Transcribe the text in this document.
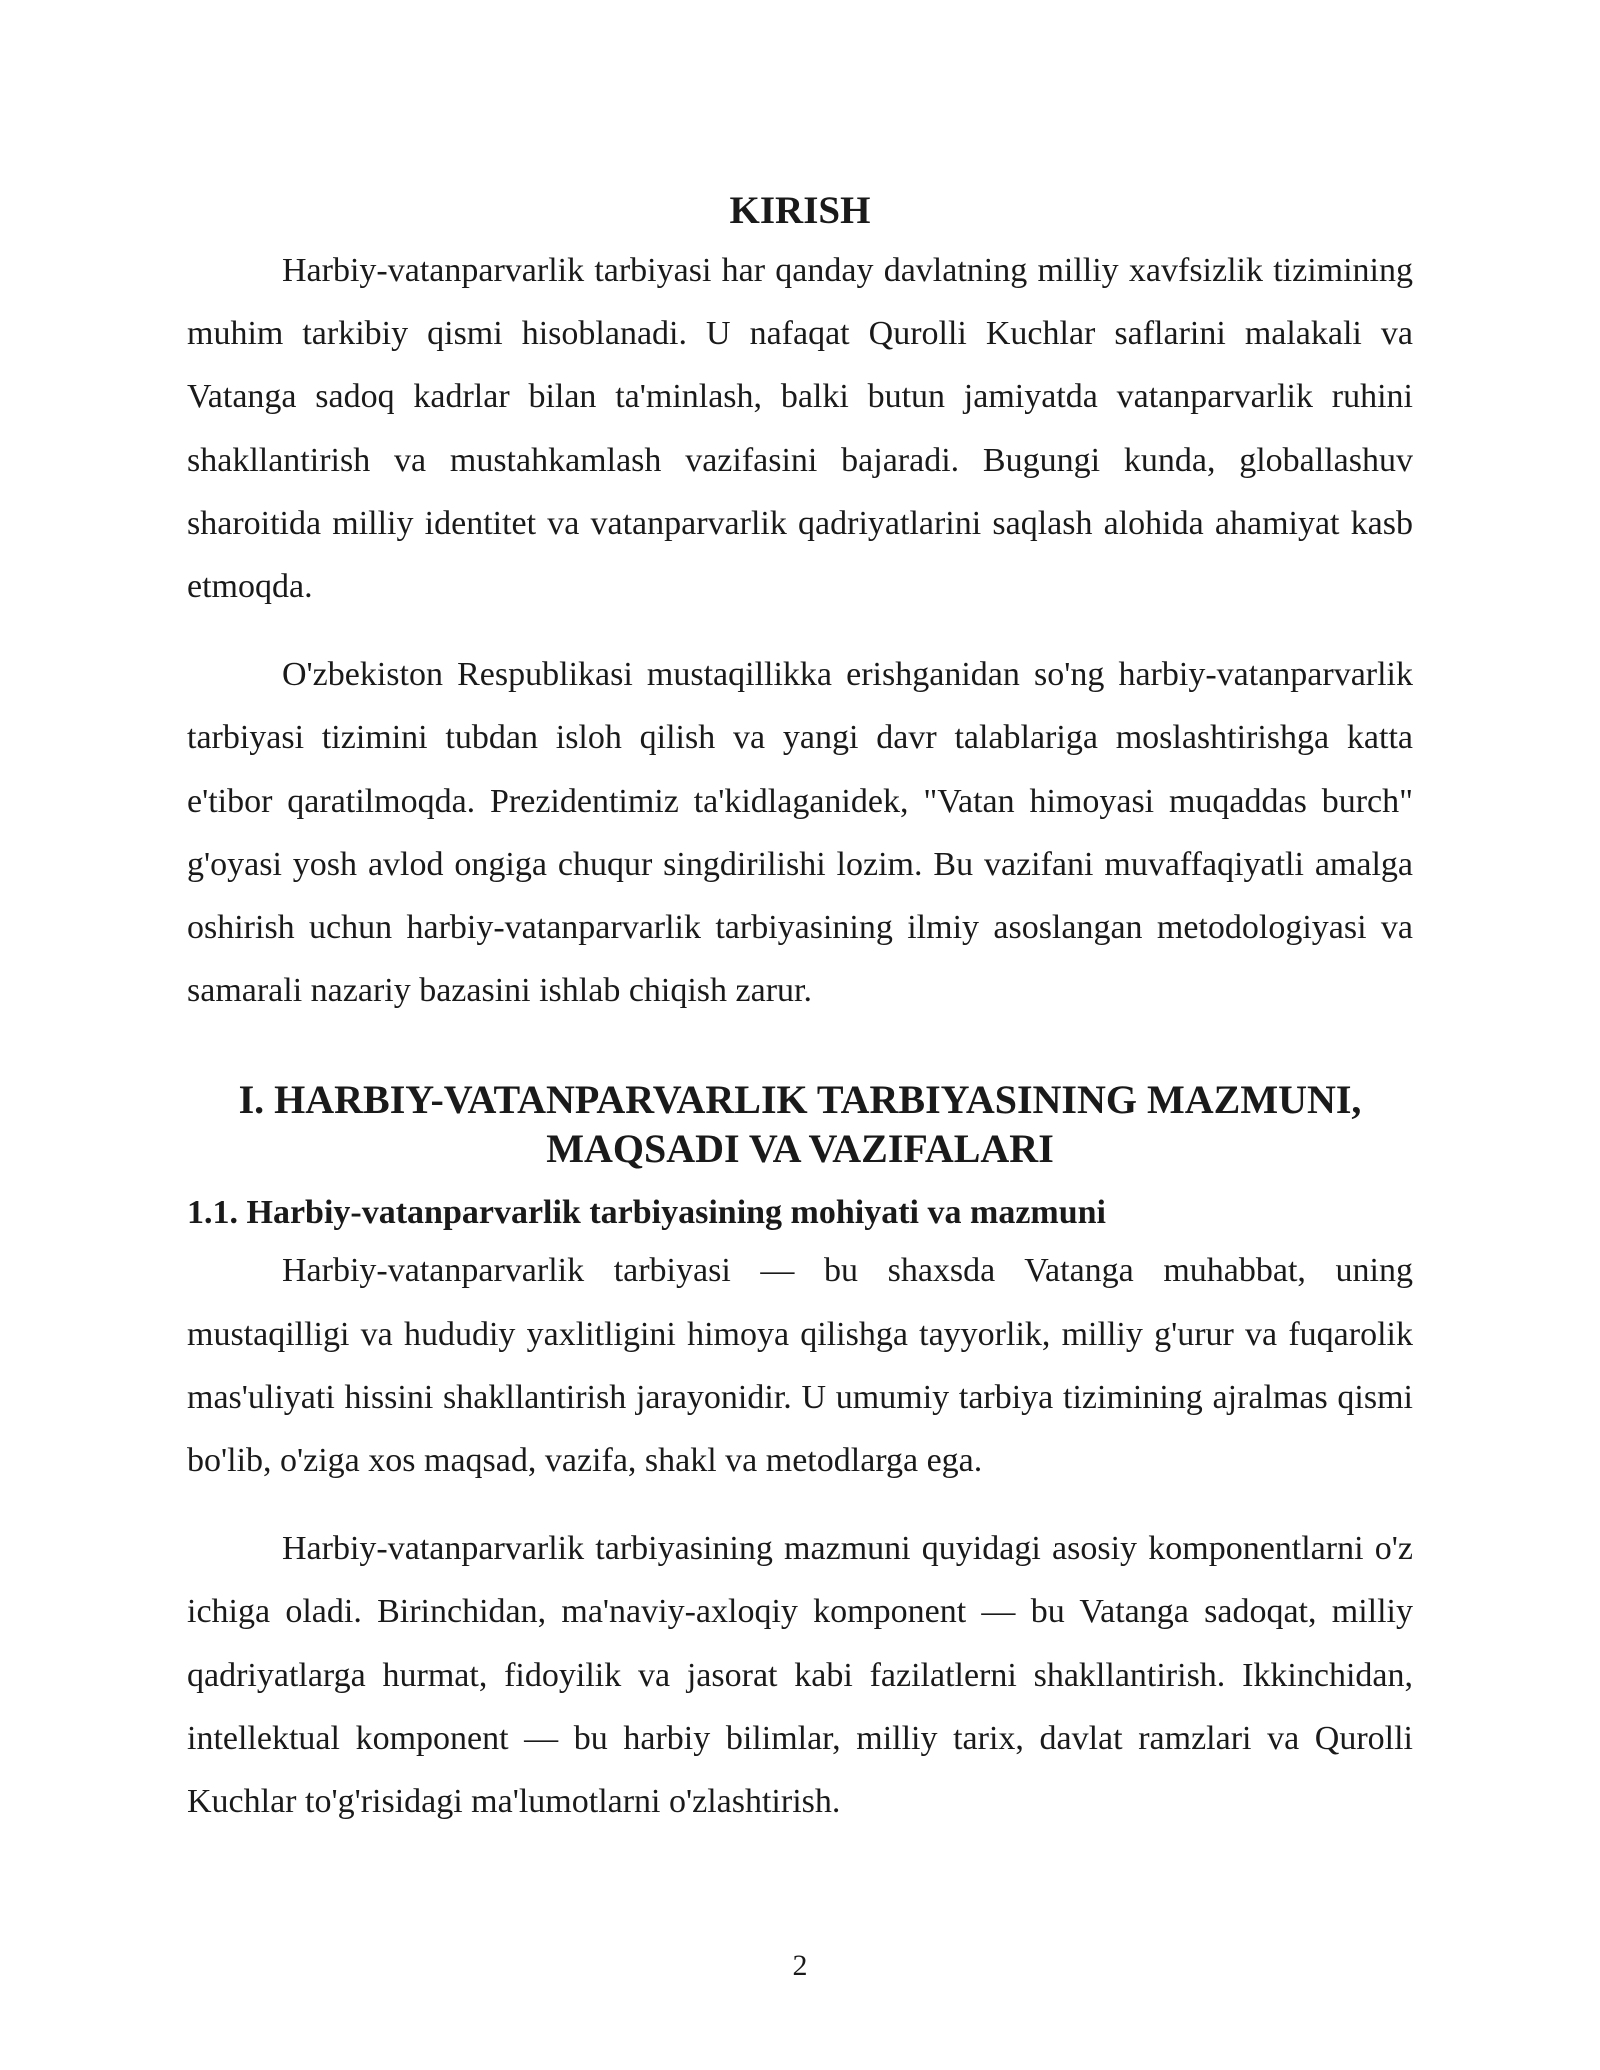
KIRISH

Harbiy-vatanparvarlik tarbiyasi har qanday davlatning milliy xavfsizlik tizimining muhim tarkibiy qismi hisoblanadi. U nafaqat Qurolli Kuchlar saflarini malakali va Vatanga sadoq kadrlar bilan ta'minlash, balki butun jamiyatda vatanparvarlik ruhini shakllantirish va mustahkamlash vazifasini bajaradi. Bugungi kunda, globallashuv sharoitida milliy identitet va vatanparvarlik qadriyatlarini saqlash alohida ahamiyat kasb etmoqda.

O'zbekiston Respublikasi mustaqillikka erishganidan so'ng harbiy-vatanparvarlik tarbiyasi tizimini tubdan isloh qilish va yangi davr talablariga moslashtirishga katta e'tibor qaratilmoqda. Prezidentimiz ta'kidlaganidek, "Vatan himoyasi muqaddas burch" g'oyasi yosh avlod ongiga chuqur singdirilishi lozim. Bu vazifani muvaffaqiyatli amalga oshirish uchun harbiy-vatanparvarlik tarbiyasining ilmiy asoslangan metodologiyasi va samarali nazariy bazasini ishlab chiqish zarur.

I. HARBIY-VATANPARVARLIK TARBIYASINING MAZMUNI,
MAQSADI VA VAZIFALARI
1.1. Harbiy-vatanparvarlik tarbiyasining mohiyati va mazmuni

Harbiy-vatanparvarlik tarbiyasi — bu shaxsda Vatanga muhabbat, uning mustaqilligi va hududiy yaxlitligini himoya qilishga tayyorlik, milliy g'urur va fuqarolik mas'uliyati hissini shakllantirish jarayonidir. U umumiy tarbiya tizimining ajralmas qismi bo'lib, o'ziga xos maqsad, vazifa, shakl va metodlarga ega.

Harbiy-vatanparvarlik tarbiyasining mazmuni quyidagi asosiy komponentlarni o'z ichiga oladi. Birinchidan, ma'naviy-axloqiy komponent — bu Vatanga sadoqat, milliy qadriyatlarga hurmat, fidoyilik va jasorat kabi fazilatlerni shakllantirish. Ikkinchidan, intellektual komponent — bu harbiy bilimlar, milliy tarix, davlat ramzlari va Qurolli Kuchlar to'g'risidagi ma'lumotlarni o'zlashtirish.

2
